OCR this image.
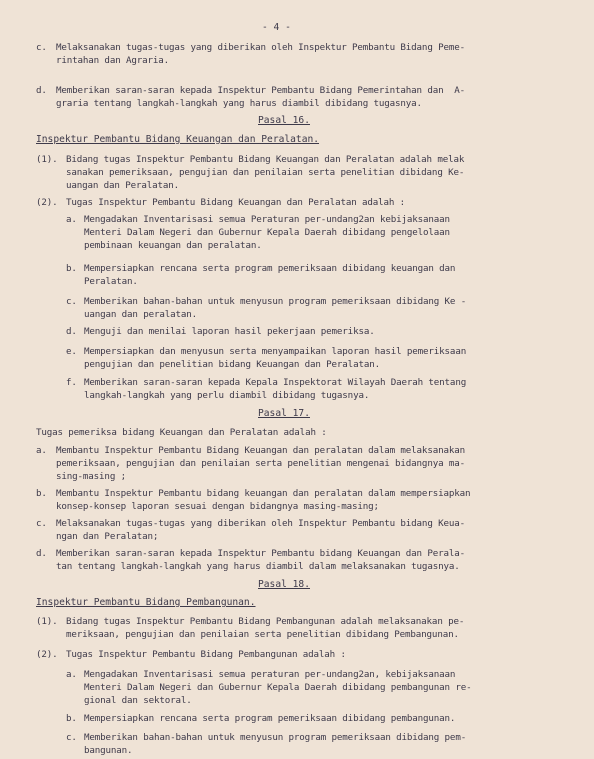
- 4 -
c. Melaksanakan tugas-tugas yang diberikan oleh Inspektur Pembantu Bidang Peme-
rintahan dan Agraria.
d. Memberikan saran-saran kepada Inspektur Pembantu Bidang Pemerintahan dan  A-
graria tentang langkah-langkah yang harus diambil dibidang tugasnya.
Pasal 16.
Inspektur Pembantu Bidang Keuangan dan Peralatan.
(1). Bidang tugas Inspektur Pembantu Bidang Keuangan dan Peralatan adalah melak
sanakan pemeriksaan, pengujian dan penilaian serta penelitian dibidang Ke-
uangan dan Peralatan.
(2). Tugas Inspektur Pembantu Bidang Keuangan dan Peralatan adalah :
a. Mengadakan Inventarisasi semua Peraturan per-undang2an kebijaksanaan
Menteri Dalam Negeri dan Gubernur Kepala Daerah dibidang pengelolaan
pembinaan keuangan dan peralatan.
b. Mempersiapkan rencana serta program pemeriksaan dibidang keuangan dan
Peralatan.
c. Memberikan bahan-bahan untuk menyusun program pemeriksaan dibidang Ke -
uangan dan peralatan.
d. Menguji dan menilai laporan hasil pekerjaan pemeriksa.
e. Mempersiapkan dan menyusun serta menyampaikan laporan hasil pemeriksaan
pengujian dan penelitian bidang Keuangan dan Peralatan.
f. Memberikan saran-saran kepada Kepala Inspektorat Wilayah Daerah tentang
langkah-langkah yang perlu diambil dibidang tugasnya.
Pasal 17.
Tugas pemeriksa bidang Keuangan dan Peralatan adalah :
a. Membantu Inspektur Pembantu Bidang Keuangan dan peralatan dalam melaksanakan
pemeriksaan, pengujian dan penilaian serta penelitian mengenai bidangnya ma-
sing-masing ;
b. Membantu Inspektur Pembantu bidang keuangan dan peralatan dalam mempersiapkan
konsep-konsep laporan sesuai dengan bidangnya masing-masing;
c. Melaksanakan tugas-tugas yang diberikan oleh Inspektur Pembantu bidang Keua-
ngan dan Peralatan;
d. Memberikan saran-saran kepada Inspektur Pembantu bidang Keuangan dan Perala-
tan tentang langkah-langkah yang harus diambil dalam melaksanakan tugasnya.
Pasal 18.
Inspektur Pembantu Bidang Pembangunan.
(1). Bidang tugas Inspektur Pembantu Bidang Pembangunan adalah melaksanakan pe-
meriksaan, pengujian dan penilaian serta penelitian dibidang Pembangunan.
(2). Tugas Inspektur Pembantu Bidang Pembangunan adalah :
a. Mengadakan Inventarisasi semua peraturan per-undang2an, kebijaksanaan
Menteri Dalam Negeri dan Gubernur Kepala Daerah dibidang pembangunan re-
gional dan sektoral.
b. Mempersiapkan rencana serta program pemeriksaan dibidang pembangunan.
c. Memberikan bahan-bahan untuk menyusun program pemeriksaan dibidang pem-
bangunan.
